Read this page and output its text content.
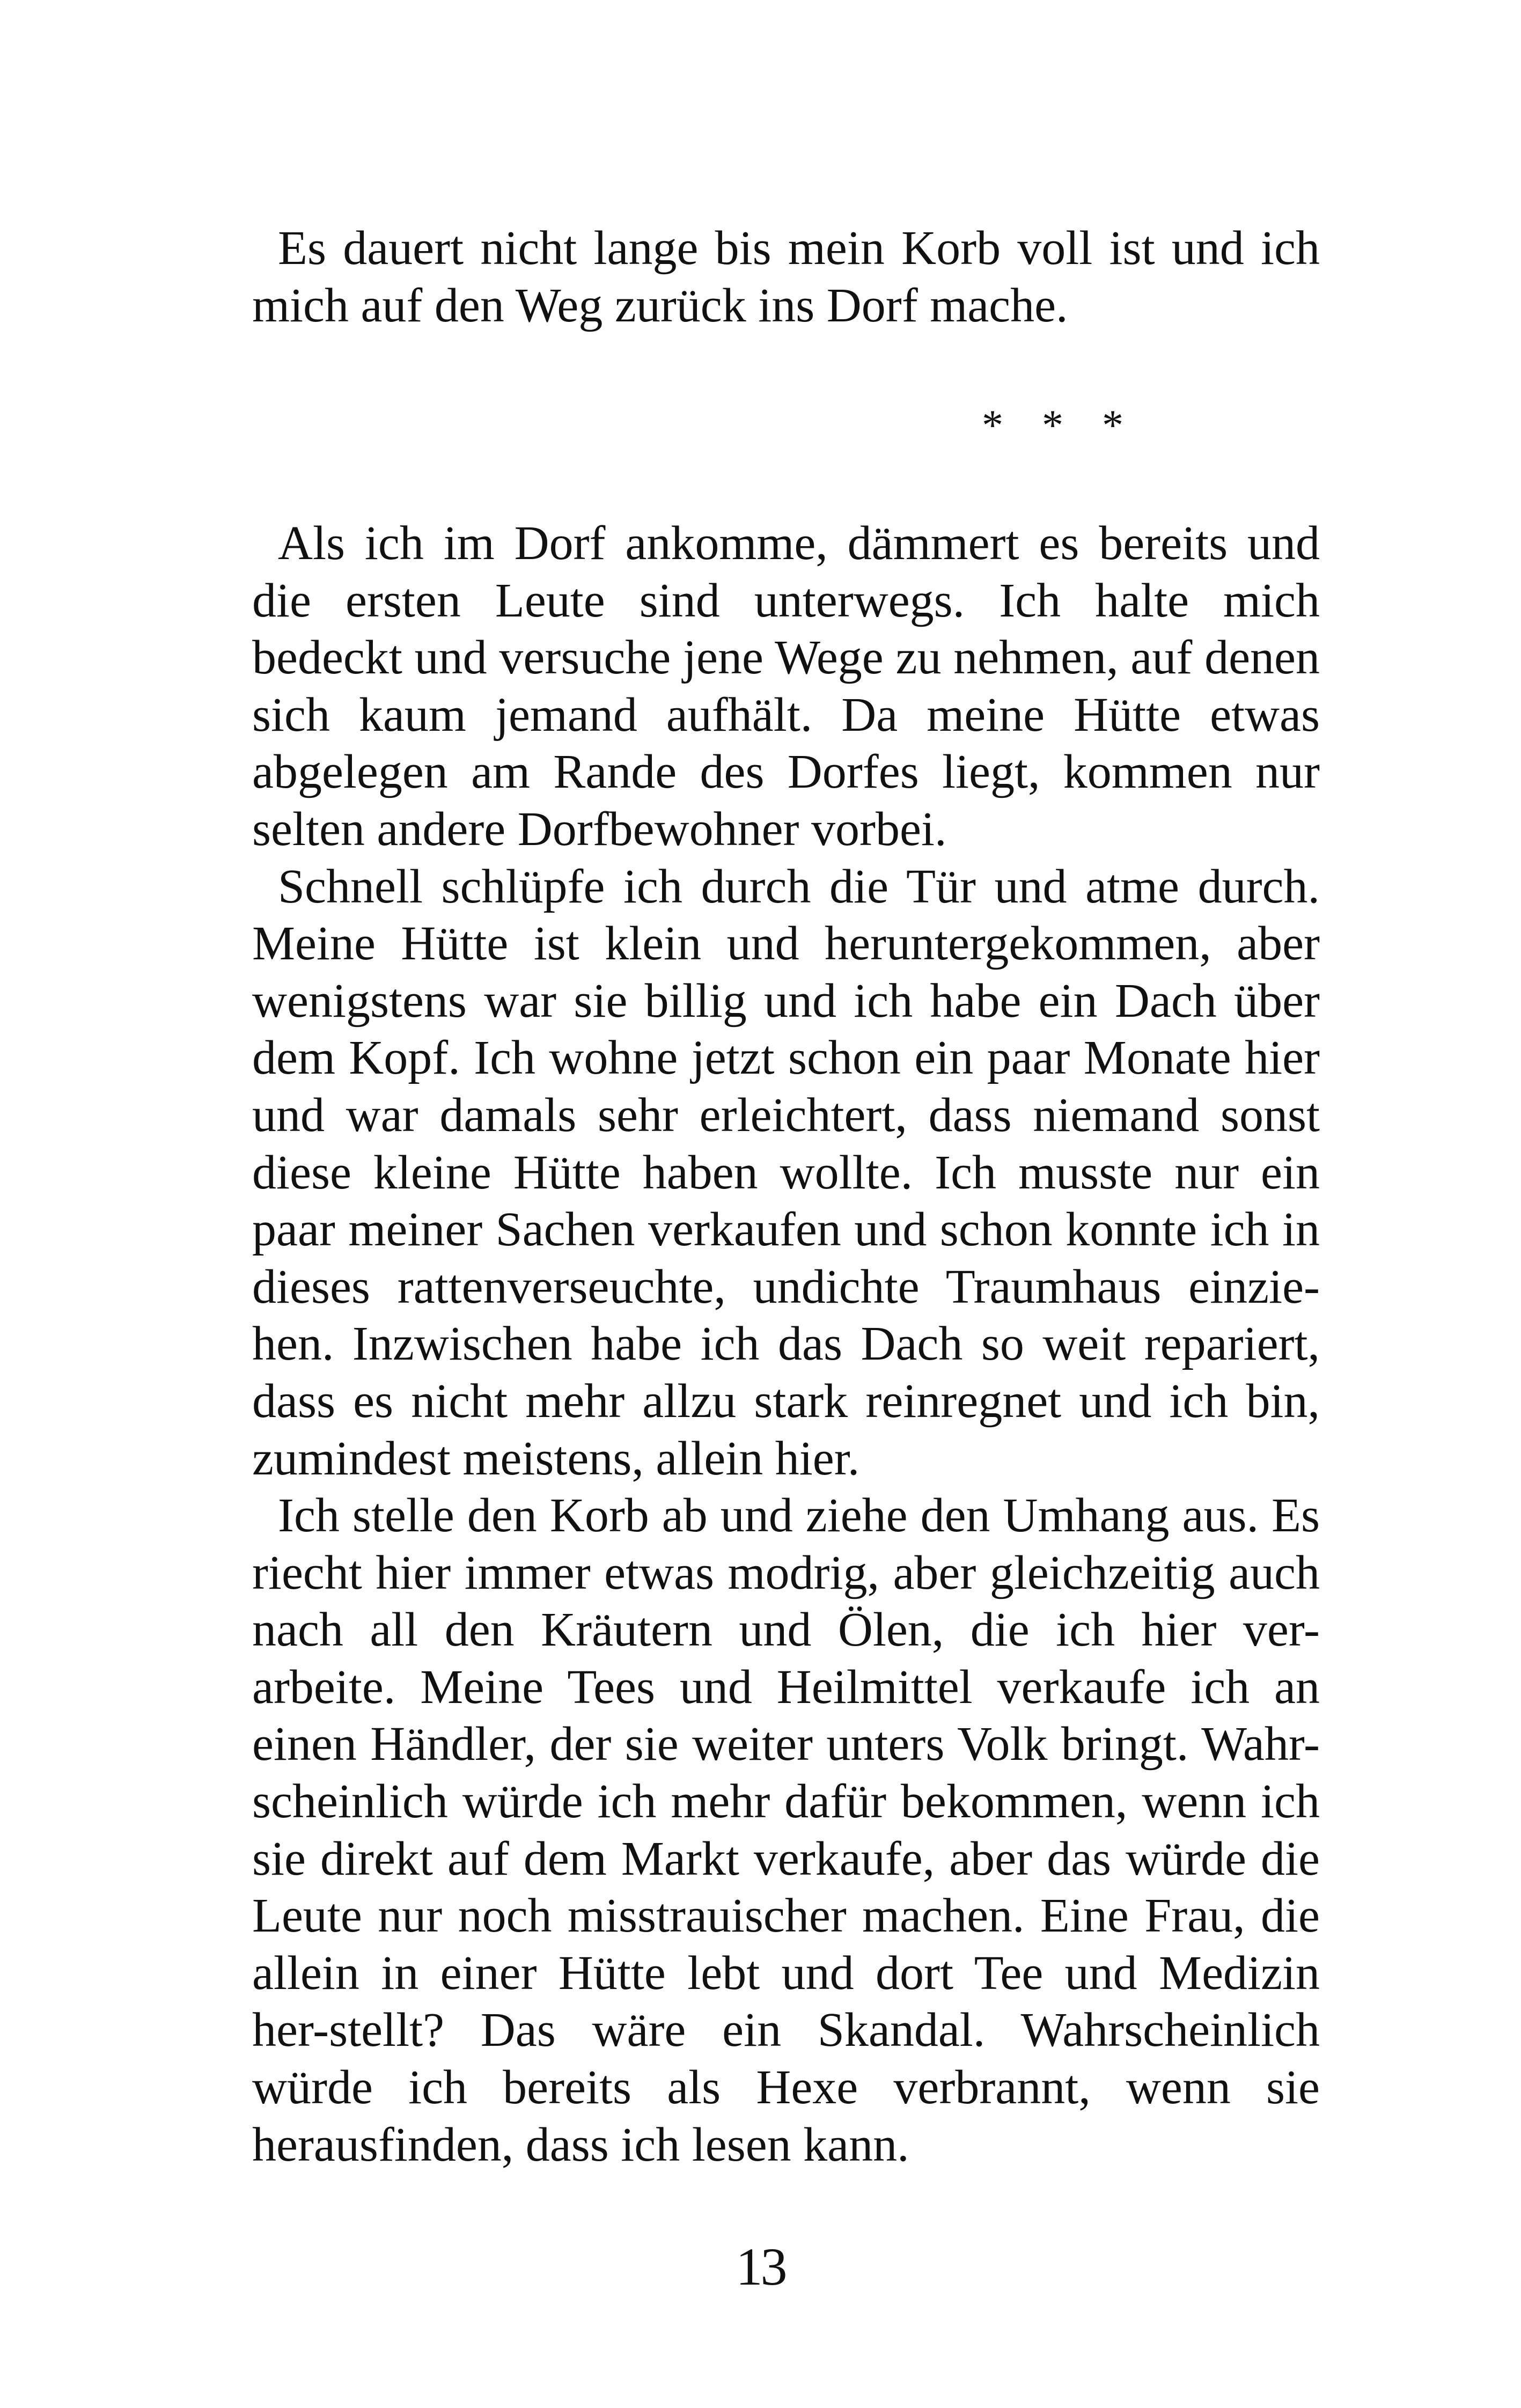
Es dauert nicht lange bis mein Korb voll ist und ich mich auf den Weg zurück ins Dorf mache.

* * *

Als ich im Dorf ankomme, dämmert es bereits und die ersten Leute sind unterwegs. Ich halte mich bedeckt und versuche jene Wege zu nehmen, auf denen sich kaum jemand aufhält. Da meine Hütte etwas abgelegen am Rande des Dorfes liegt, kommen nur selten andere Dorfbewohner vorbei.

Schnell schlüpfe ich durch die Tür und atme durch. Meine Hütte ist klein und heruntergekommen, aber wenigstens war sie billig und ich habe ein Dach über dem Kopf. Ich wohne jetzt schon ein paar Monate hier und war damals sehr erleichtert, dass niemand sonst diese kleine Hütte haben wollte. Ich musste nur ein paar meiner Sachen verkaufen und schon konnte ich in dieses rattenverseuchte, undichte Traumhaus einzie-hen. Inzwischen habe ich das Dach so weit repariert, dass es nicht mehr allzu stark reinregnet und ich bin, zumindest meistens, allein hier.

Ich stelle den Korb ab und ziehe den Umhang aus. Es riecht hier immer etwas modrig, aber gleichzeitig auch nach all den Kräutern und Ölen, die ich hier ver-arbeite. Meine Tees und Heilmittel verkaufe ich an einen Händler, der sie weiter unters Volk bringt. Wahr-scheinlich würde ich mehr dafür bekommen, wenn ich sie direkt auf dem Markt verkaufe, aber das würde die Leute nur noch misstrauischer machen. Eine Frau, die allein in einer Hütte lebt und dort Tee und Medizin her-stellt? Das wäre ein Skandal. Wahrscheinlich würde ich bereits als Hexe verbrannt, wenn sie herausfinden, dass ich lesen kann.

13
